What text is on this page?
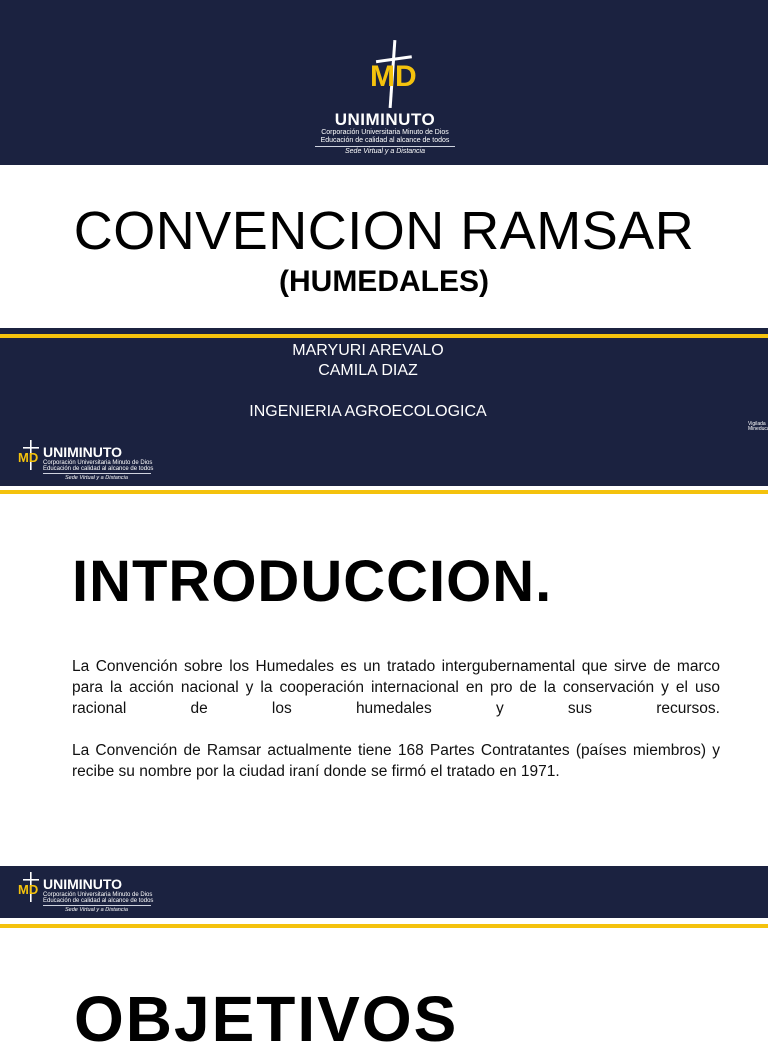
MD
UNIMINUTO
Corporación Universitaria Minuto de Dios
Educación de calidad al alcance de todos
Sede Virtual y a Distancia
CONVENCION RAMSAR
(HUMEDALES)
MARYURI AREVALO
CAMILA DIAZ
INGENIERIA AGROECOLOGICA
Vigilada
Mineducación
MD UNIMINUTO
Corporación Universitaria Minuto de Dios
Educación de calidad al alcance de todos
Sede Virtual y a Distancia
INTRODUCCION.
La Convención sobre los Humedales es un tratado intergubernamental que sirve de marco para la acción nacional y la cooperación internacional en pro de la conservación y el uso racional de los humedales y sus recursos.
La Convención de Ramsar actualmente tiene 168 Partes Contratantes (países miembros) y recibe su nombre por la ciudad iraní donde se firmó el tratado en 1971.
MD UNIMINUTO
Corporación Universitaria Minuto de Dios
Educación de calidad al alcance de todos
Sede Virtual y a Distancia
OBJETIVOS
